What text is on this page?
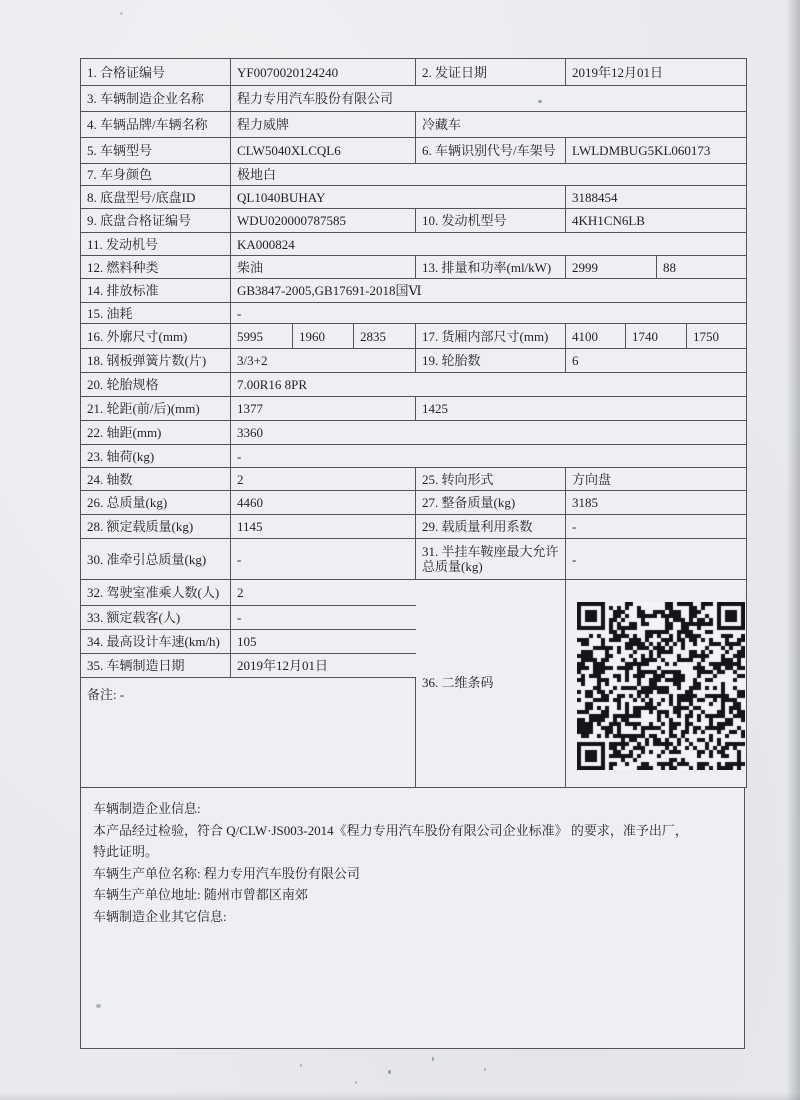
1. 合格证编号	YF0070020124240	2. 发证日期	2019年12月01日
3. 车辆制造企业名称	程力专用汽车股份有限公司
4. 车辆品牌/车辆名称	程力威牌	冷藏车
5. 车辆型号	CLW5040XLCQL6	6. 车辆识别代号/车架号	LWLDMBUG5KL060173
7. 车身颜色	极地白
8. 底盘型号/底盘ID	QL1040BUHAY	3188454
9. 底盘合格证编号	WDU020000787585	10. 发动机型号	4KH1CN6LB
11. 发动机号	KA000824
12. 燃料种类	柴油	13. 排量和功率(ml/kW)	2999	88
14. 排放标准	GB3847-2005,GB17691-2018国Ⅵ
15. 油耗	-
16. 外廓尺寸(mm)	5995	1960	2835	17. 货厢内部尺寸(mm)	4100	1740	1750
18. 钢板弹簧片数(片)	3/3+2	19. 轮胎数	6
20. 轮胎规格	7.00R16 8PR
21. 轮距(前/后)(mm)	1377	1425
22. 轴距(mm)	3360
23. 轴荷(kg)	-
24. 轴数	2	25. 转向形式	方向盘
26. 总质量(kg)	4460	27. 整备质量(kg)	3185
28. 额定载质量(kg)	1145	29. 载质量利用系数	-
30. 准牵引总质量(kg)	-	31. 半挂车鞍座最大允许总质量(kg)	-
32. 驾驶室准乘人数(人)	2
33. 额定载客(人)	-
34. 最高设计车速(km/h)	105
35. 车辆制造日期	2019年12月01日
备注: -
36. 二维条码
车辆制造企业信息:
本产品经过检验，符合 Q/CLW·JS003-2014《程力专用汽车股份有限公司企业标准》 的要求，准予出厂，
特此证明。
车辆生产单位名称: 程力专用汽车股份有限公司
车辆生产单位地址: 随州市曾都区南郊
车辆制造企业其它信息:
